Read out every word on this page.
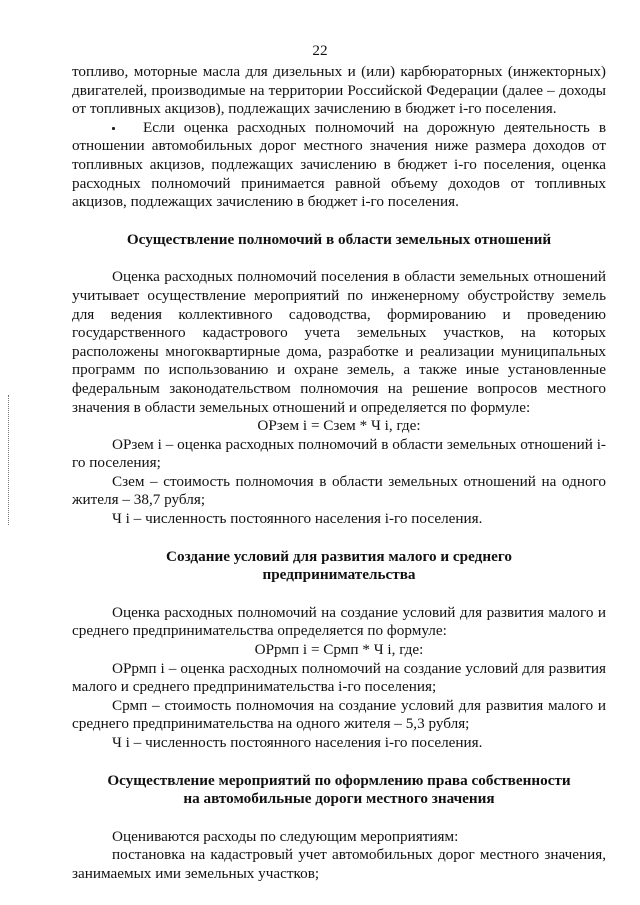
22

топливо, моторные масла для дизельных и (или) карбюраторных (инжекторных) двигателей, производимые на территории Российской Федерации (далее – доходы от топливных акцизов), подлежащих зачислению в бюджет i-го поселения.

Если оценка расходных полномочий на дорожную деятельность в отношении автомобильных дорог местного значения ниже размера доходов от топливных акцизов, подлежащих зачислению в бюджет i-го поселения, оценка расходных полномочий принимается равной объему доходов от топливных акцизов, подлежащих зачислению в бюджет i-го поселения.

Осуществление полномочий в области земельных отношений

Оценка расходных полномочий поселения в области земельных отношений учитывает осуществление мероприятий по инженерному обустройству земель для ведения коллективного садоводства, формированию и проведению государственного кадастрового учета земельных участков, на которых расположены многоквартирные дома, разработке и реализации муниципальных программ по использованию и охране земель, а также иные установленные федеральным законодательством полномочия на решение вопросов местного значения в области земельных отношений и определяется по формуле:

ОРзем i = Сзем * Ч i, где:

ОРзем i – оценка расходных полномочий в области земельных отношений i-го поселения;

Сзем – стоимость полномочия в области земельных отношений на одного жителя – 38,7 рубля;

Ч i – численность постоянного населения i-го поселения.

Создание условий для развития малого и среднего
предпринимательства

Оценка расходных полномочий на создание условий для развития малого и среднего предпринимательства определяется по формуле:

ОРрмп i = Срмп * Ч i, где:

ОРрмп i – оценка расходных полномочий на создание условий для развития малого и среднего предпринимательства i-го поселения;

Срмп – стоимость полномочия на создание условий для развития малого и среднего предпринимательства на одного жителя – 5,3 рубля;

Ч i – численность постоянного населения i-го поселения.

Осуществление мероприятий по оформлению права собственности
на автомобильные дороги местного значения

Оцениваются расходы по следующим мероприятиям:

постановка на кадастровый учет автомобильных дорог местного значения, занимаемых ими земельных участков;
